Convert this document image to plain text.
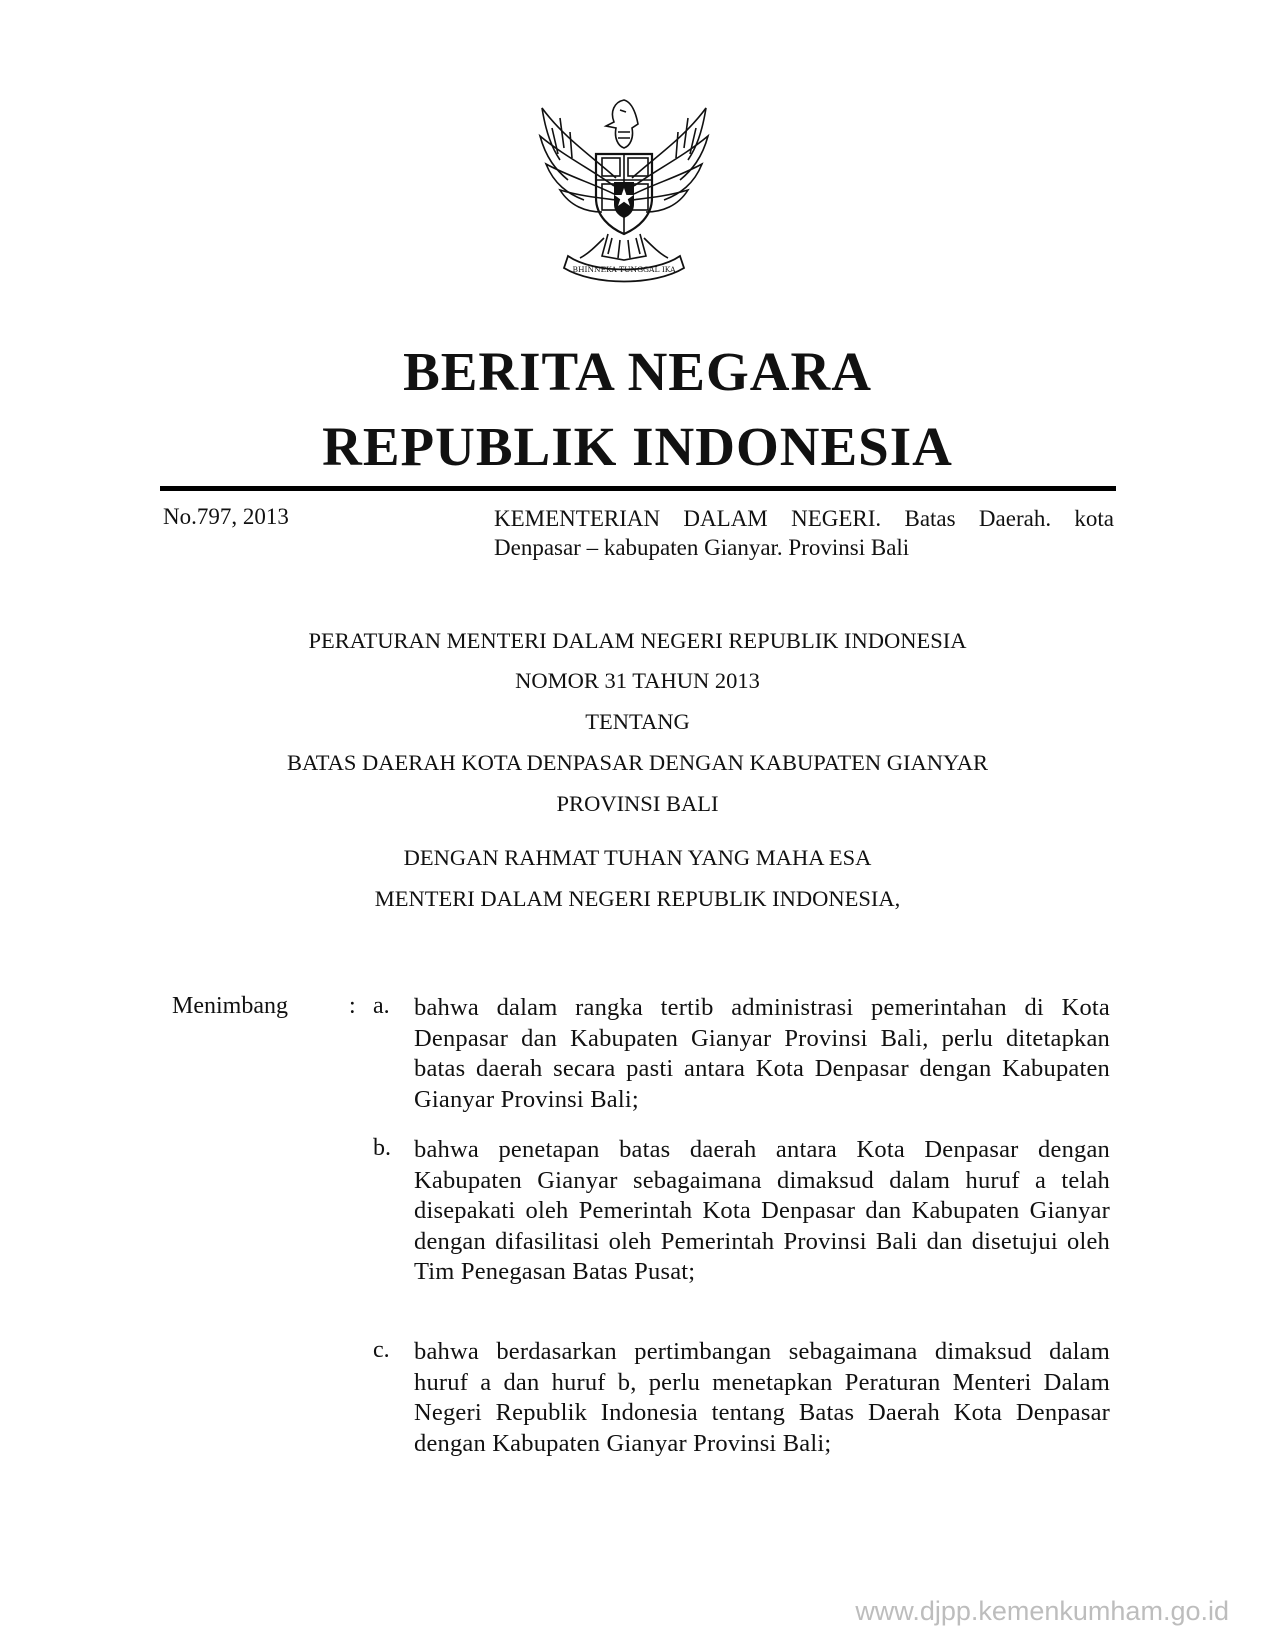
BHINNEKA TUNGGAL IKA
BERITA NEGARA
REPUBLIK INDONESIA
No.797, 2013	KEMENTERIAN DALAM NEGERI. Batas Daerah. kota Denpasar – kabupaten Gianyar. Provinsi Bali
PERATURAN MENTERI DALAM NEGERI REPUBLIK INDONESIA
NOMOR 31 TAHUN 2013
TENTANG
BATAS DAERAH KOTA DENPASAR DENGAN KABUPATEN GIANYAR
PROVINSI BALI
DENGAN RAHMAT TUHAN YANG MAHA ESA
MENTERI DALAM NEGERI REPUBLIK INDONESIA,
Menimbang	: a. bahwa dalam rangka tertib administrasi pemerintahan di Kota Denpasar dan Kabupaten Gianyar Provinsi Bali, perlu ditetapkan batas daerah secara pasti antara Kota Denpasar dengan Kabupaten Gianyar Provinsi Bali;
b. bahwa penetapan batas daerah antara Kota Denpasar dengan Kabupaten Gianyar sebagaimana dimaksud dalam huruf a telah disepakati oleh Pemerintah Kota Denpasar dan Kabupaten Gianyar dengan difasilitasi oleh Pemerintah Provinsi Bali dan disetujui oleh Tim Penegasan Batas Pusat;
c. bahwa berdasarkan pertimbangan sebagaimana dimaksud dalam huruf a dan huruf b, perlu menetapkan Peraturan Menteri Dalam Negeri Republik Indonesia tentang Batas Daerah Kota Denpasar dengan Kabupaten Gianyar Provinsi Bali;
www.djpp.kemenkumham.go.id
